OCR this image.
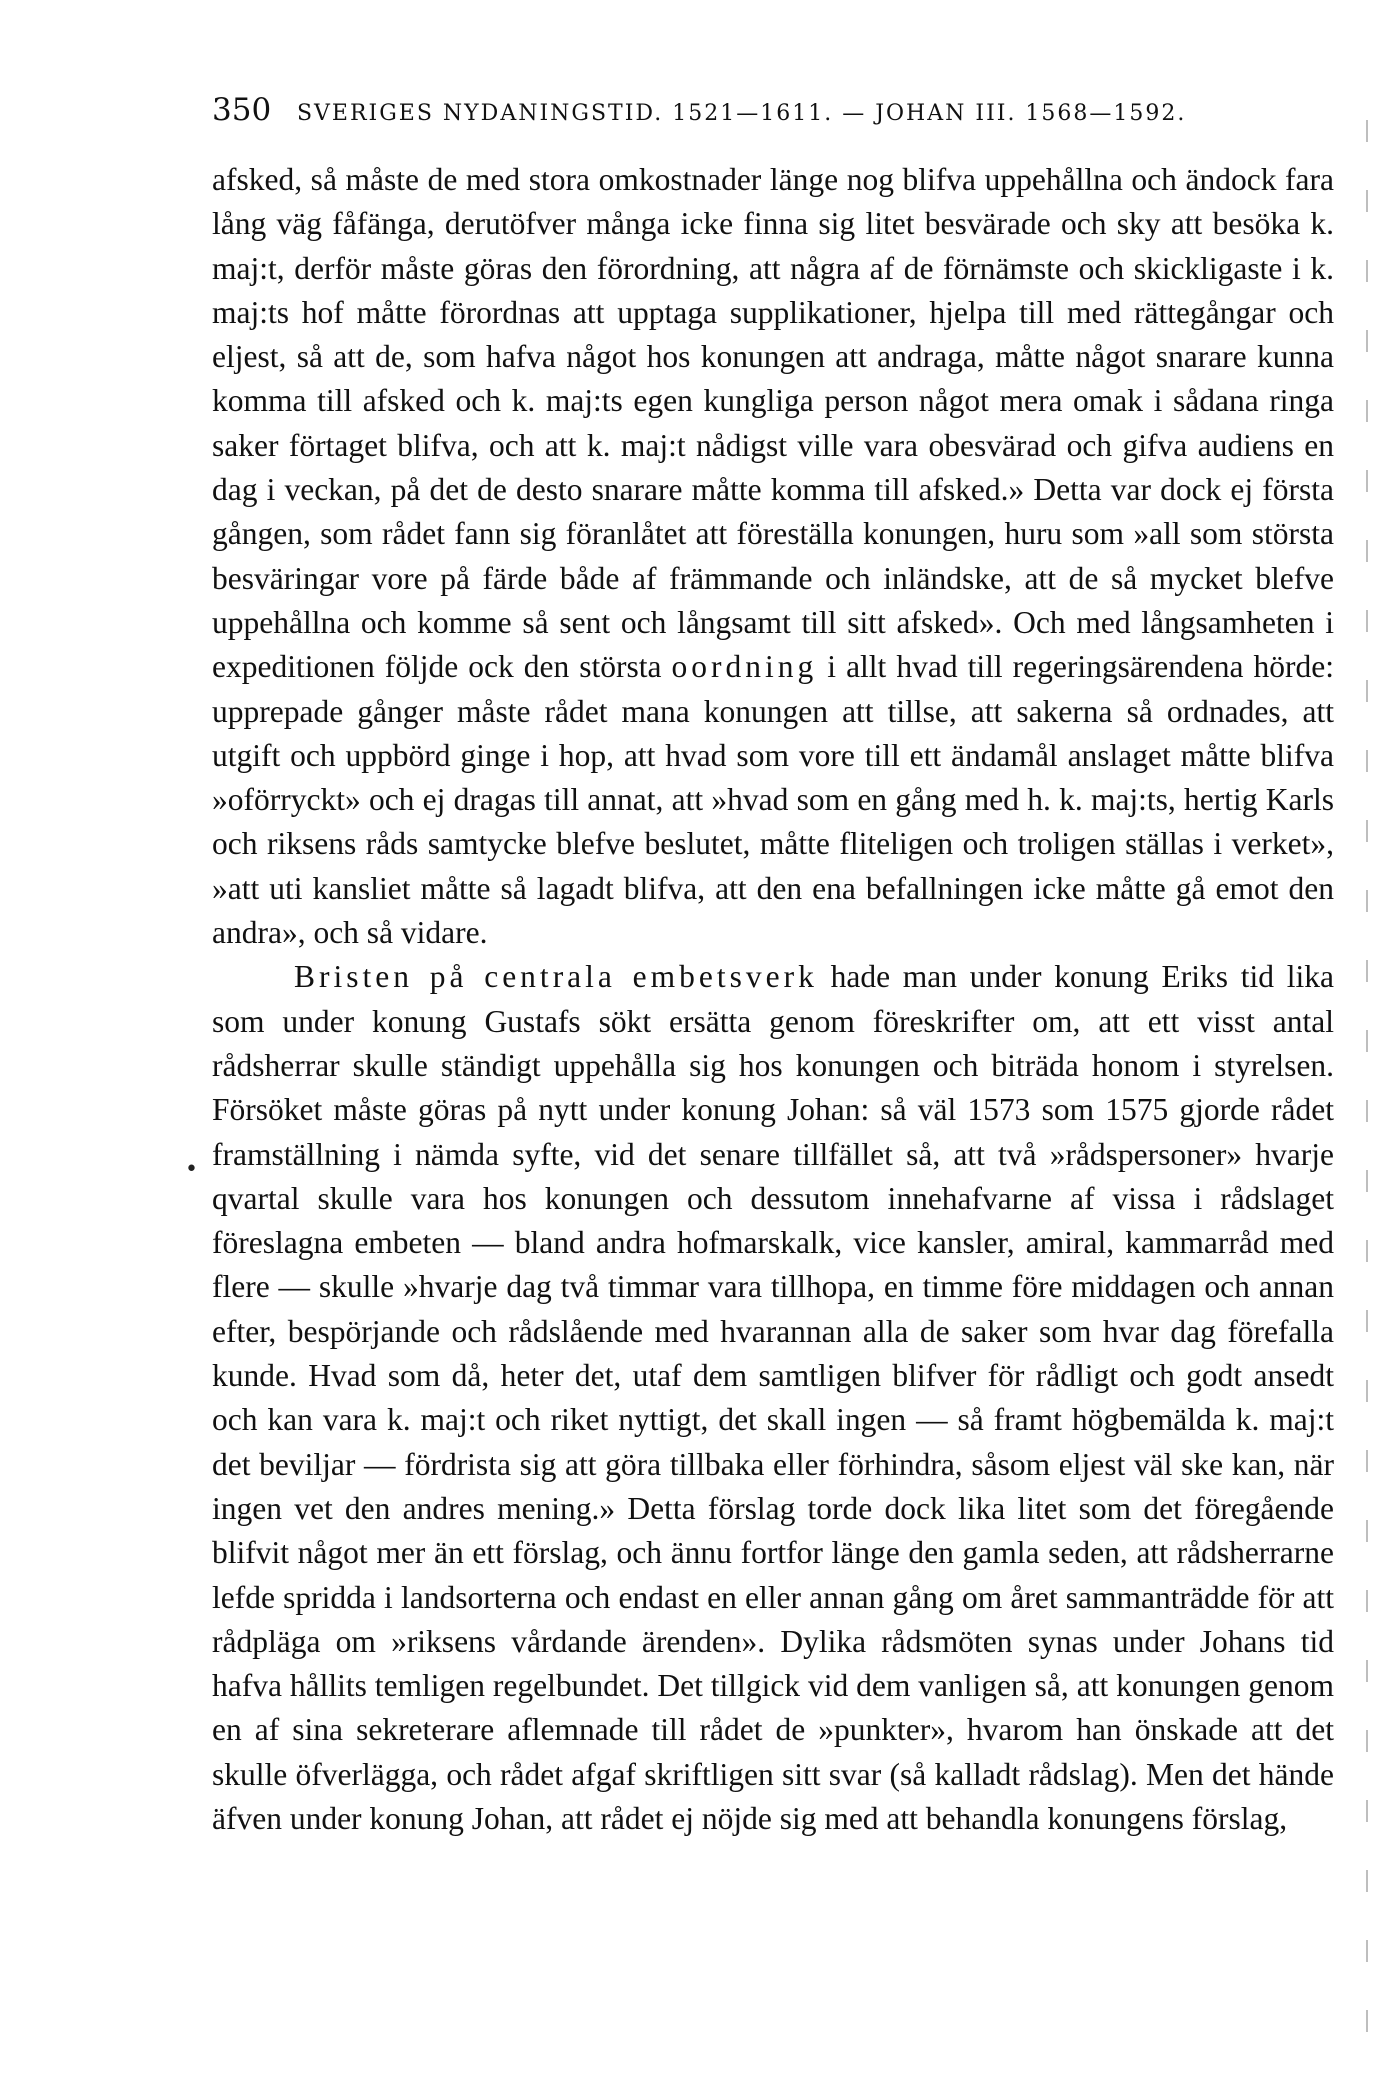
350 SVERIGES NYDANINGSTID. 1521—1611. — JOHAN III. 1568—1592.

afsked, så måste de med stora omkostnader länge nog blifva uppehållna och ändock fara lång väg fåfänga, derutöfver många icke finna sig litet besvärade och sky att besöka k. maj:t, derför måste göras den förordning, att några af de förnämste och skickligaste i k. maj:ts hof måtte förordnas att upptaga supplikationer, hjelpa till med rättegångar och eljest, så att de, som hafva något hos konungen att andraga, måtte något snarare kunna komma till afsked och k. maj:ts egen kungliga person något mera omak i sådana ringa saker förtaget blifva, och att k. maj:t nådigst ville vara obesvärad och gifva audiens en dag i veckan, på det de desto snarare måtte komma till afsked.» Detta var dock ej första gången, som rådet fann sig föranlåtet att föreställa konungen, huru som »all som största besväringar vore på färde både af främmande och inländske, att de så mycket blefve uppehållna och komme så sent och långsamt till sitt afsked». Och med långsamheten i expeditionen följde ock den största oordning i allt hvad till regeringsärendena hörde: upprepade gånger måste rådet mana konungen att tillse, att sakerna så ordnades, att utgift och uppbörd ginge i hop, att hvad som vore till ett ändamål anslaget måtte blifva »oförryckt» och ej dragas till annat, att »hvad som en gång med h. k. maj:ts, hertig Karls och riksens råds samtycke blefve beslutet, måtte fliteligen och troligen ställas i verket», »att uti kansliet måtte så lagadt blifva, att den ena befallningen icke måtte gå emot den andra», och så vidare.

Bristen på centrala embetsverk hade man under konung Eriks tid lika som under konung Gustafs sökt ersätta genom föreskrifter om, att ett visst antal rådsherrar skulle ständigt uppehålla sig hos konungen och biträda honom i styrelsen. Försöket måste göras på nytt under konung Johan: så väl 1573 som 1575 gjorde rådet framställning i nämda syfte, vid det senare tillfället så, att två »rådspersoner» hvarje qvartal skulle vara hos konungen och dessutom innehafvarne af vissa i rådslaget föreslagna embeten — bland andra hofmarskalk, vice kansler, amiral, kammarråd med flere — skulle »hvarje dag två timmar vara tillhopa, en timme före middagen och annan efter, bespörjande och rådslående med hvarannan alla de saker som hvar dag förefalla kunde. Hvad som då, heter det, utaf dem samtligen blifver för rådligt och godt ansedt och kan vara k. maj:t och riket nyttigt, det skall ingen — så framt högbemälda k. maj:t det beviljar — fördrista sig att göra tillbaka eller förhindra, såsom eljest väl ske kan, när ingen vet den andres mening.» Detta förslag torde dock lika litet som det föregående blifvit något mer än ett förslag, och ännu fortfor länge den gamla seden, att rådsherrarne lefde spridda i landsorterna och endast en eller annan gång om året sammanträdde för att rådpläga om »riksens vårdande ärenden». Dylika rådsmöten synas under Johans tid hafva hållits temligen regelbundet. Det tillgick vid dem vanligen så, att konungen genom en af sina sekreterare aflemnade till rådet de »punkter», hvarom han önskade att det skulle öfverlägga, och rådet afgaf skriftligen sitt svar (så kalladt rådslag). Men det hände äfven under konung Johan, att rådet ej nöjde sig med att behandla konungens förslag,

•
